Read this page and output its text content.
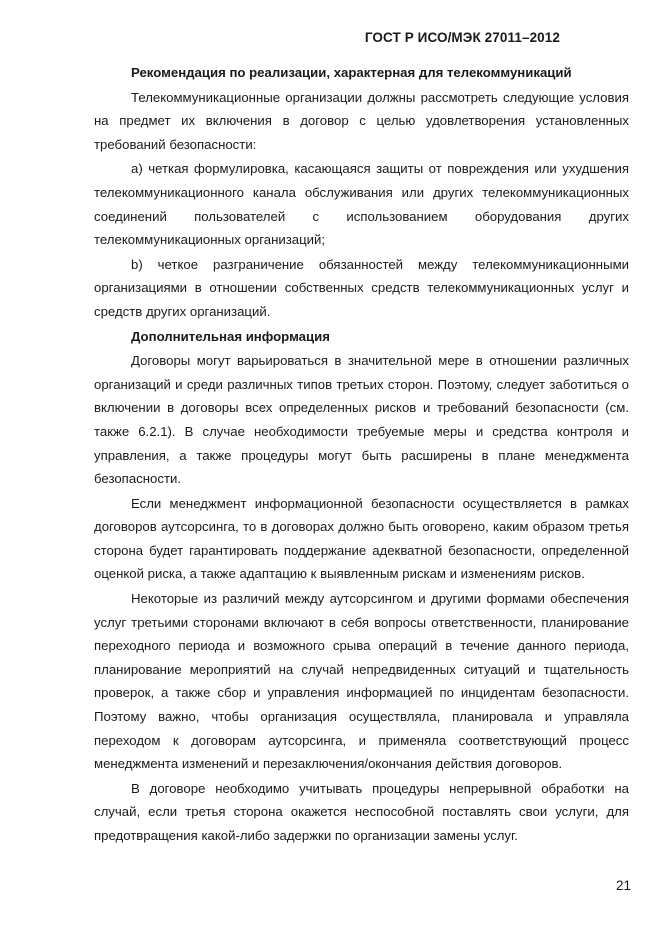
ГОСТ Р ИСО/МЭК 27011–2012

Рекомендация по реализации, характерная для телекоммуникаций

Телекоммуникационные организации должны рассмотреть следующие условия на предмет их включения в договор с целью удовлетворения установленных требований безопасности:

a) четкая формулировка, касающаяся защиты от повреждения или ухудшения телекоммуникационного канала обслуживания или других телекоммуникационных соединений пользователей с использованием оборудования других телекоммуникационных организаций;

b) четкое разграничение обязанностей между телекоммуникационными организациями в отношении собственных средств телекоммуникационных услуг и средств других организаций.

Дополнительная информация

Договоры могут варьироваться в значительной мере в отношении различных организаций и среди различных типов третьих сторон. Поэтому, следует заботиться о включении в договоры всех определенных рисков и требований безопасности (см. также 6.2.1). В случае необходимости требуемые меры и средства контроля и управления, а также процедуры могут быть расширены в плане менеджмента безопасности.

Если менеджмент информационной безопасности осуществляется в рамках договоров аутсорсинга, то в договорах должно быть оговорено, каким образом третья сторона будет гарантировать поддержание адекватной безопасности, определенной оценкой риска, а также адаптацию к выявленным рискам и изменениям рисков.

Некоторые из различий между аутсорсингом и другими формами обеспечения услуг третьими сторонами включают в себя вопросы ответственности, планирование переходного периода и возможного срыва операций в течение данного периода, планирование мероприятий на случай непредвиденных ситуаций и тщательность проверок, а также сбор и управления информацией по инцидентам безопасности. Поэтому важно, чтобы организация осуществляла, планировала и управляла переходом к договорам аутсорсинга, и применяла соответствующий процесс менеджмента изменений и перезаключения/окончания действия договоров.

В договоре необходимо учитывать процедуры непрерывной обработки на случай, если третья сторона окажется неспособной поставлять свои услуги, для предотвращения какой-либо задержки по организации замены услуг.

21
